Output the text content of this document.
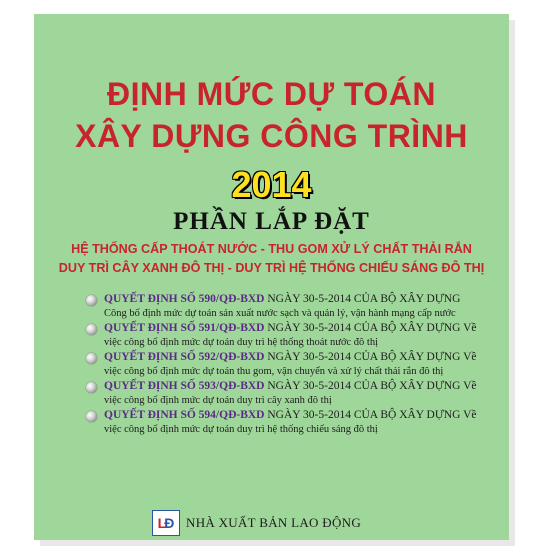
ĐỊNH MỨC DỰ TOÁN
XÂY DỰNG CÔNG TRÌNH
2014
PHẦN LẮP ĐẶT
HỆ THỐNG CẤP THOÁT NƯỚC - THU GOM XỬ LÝ CHẤT THẢI RẮN
DUY TRÌ CÂY XANH ĐÔ THỊ - DUY TRÌ HỆ THỐNG CHIẾU SÁNG ĐÔ THỊ
QUYẾT ĐỊNH SỐ 590/QĐ-BXD NGÀY 30-5-2014 CỦA BỘ XÂY DỰNG
Công bố định mức dự toán sản xuất nước sạch và quản lý, vận hành mạng cấp nước
QUYẾT ĐỊNH SỐ 591/QĐ-BXD NGÀY 30-5-2014 CỦA BỘ XÂY DỰNG Về
việc công bố định mức dự toán duy trì hệ thống thoát nước đô thị
QUYẾT ĐỊNH SỐ 592/QĐ-BXD NGÀY 30-5-2014 CỦA BỘ XÂY DỰNG Về
việc công bố định mức dự toán thu gom, vận chuyển và xử lý chất thải rắn đô thị
QUYẾT ĐỊNH SỐ 593/QĐ-BXD NGÀY 30-5-2014 CỦA BỘ XÂY DỰNG Về
việc công bố định mức dự toán duy trì cây xanh đô thị
QUYẾT ĐỊNH SỐ 594/QĐ-BXD NGÀY 30-5-2014 CỦA BỘ XÂY DỰNG Về
việc công bố định mức dự toán duy trì hệ thống chiếu sáng đô thị
L
Đ NHÀ XUẤT BẢN LAO ĐỘNG
